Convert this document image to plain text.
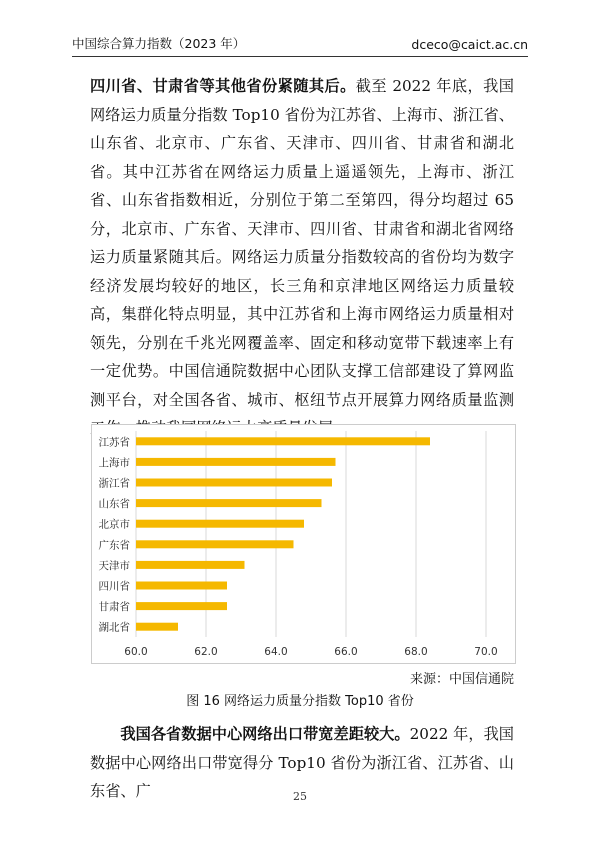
中国综合算力指数（2023 年）	dceco@caict.ac.cn

四川省、甘肃省等其他省份紧随其后。截至 2022 年底，我国网络运力质量分指数 Top10 省份为江苏省、上海市、浙江省、山东省、北京市、广东省、天津市、四川省、甘肃省和湖北省。其中江苏省在网络运力质量上遥遥领先，上海市、浙江省、山东省指数相近，分别位于第二至第四，得分均超过 65 分，北京市、广东省、天津市、四川省、甘肃省和湖北省网络运力质量紧随其后。网络运力质量分指数较高的省份均为数字经济发展均较好的地区，长三角和京津地区网络运力质量较高，集群化特点明显，其中江苏省和上海市网络运力质量相对领先，分别在千兆光网覆盖率、固定和移动宽带下载速率上有一定优势。中国信通院数据中心团队支撑工信部建设了算网监测平台，对全国各省、城市、枢纽节点开展算力网络质量监测

60.0	62.0	64.0	66.0	68.0	70.0
江苏省
上海市
浙江省
山东省
北京市
广东省
天津市
四川省
甘肃省
湖北省
来源：中国信通院
图 16 网络运力质量分指数 Top10 省份

我国各省数据中心网络出口带宽差距较大。2022 年，我国数据中心网络出口带宽得分 Top10 省份为浙江省、江苏省、山东省、广	25
